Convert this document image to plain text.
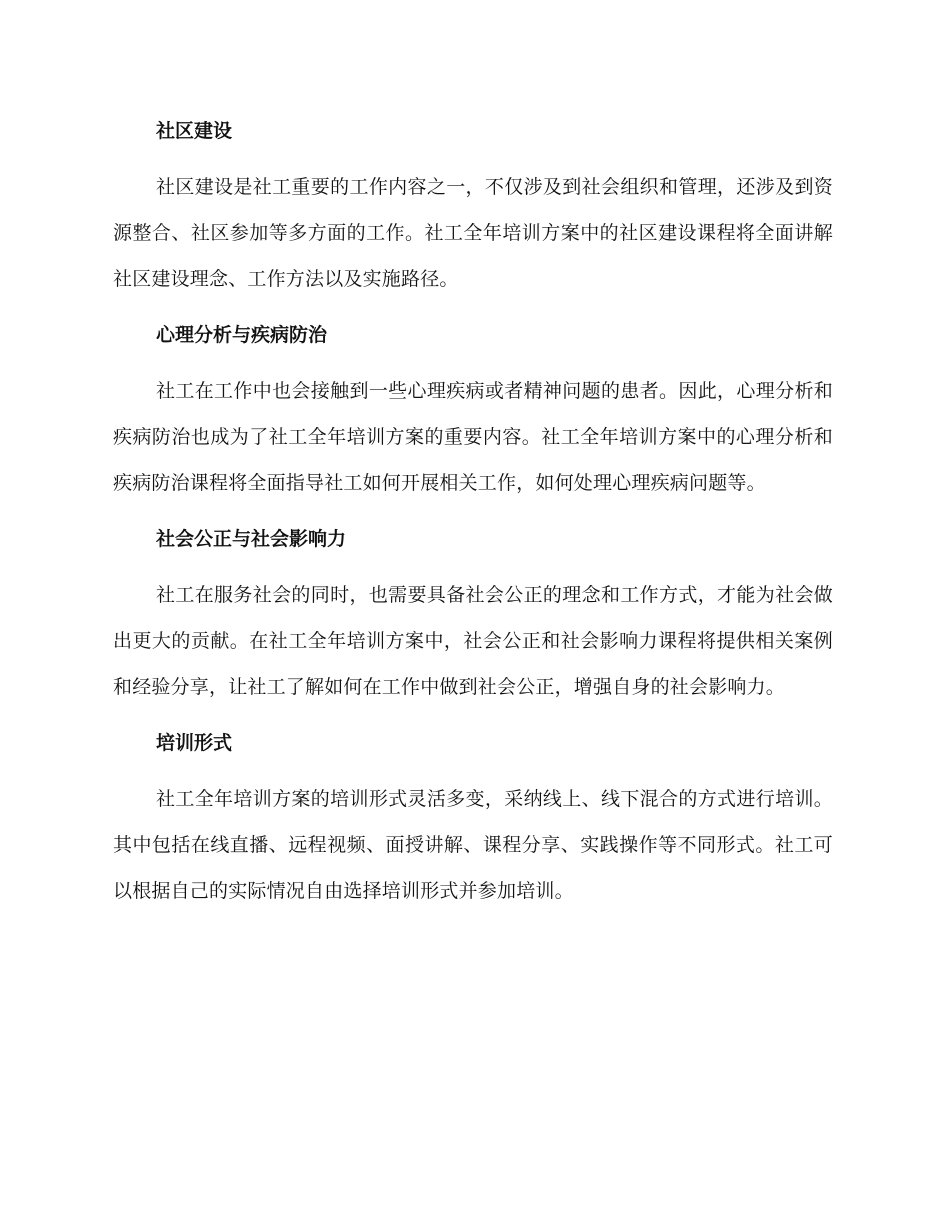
社区建设

社区建设是社工重要的工作内容之一，不仅涉及到社会组织和管理，还涉及到资源整合、社区参加等多方面的工作。社工全年培训方案中的社区建设课程将全面讲解社区建设理念、工作方法以及实施路径。

心理分析与疾病防治

社工在工作中也会接触到一些心理疾病或者精神问题的患者。因此，心理分析和疾病防治也成为了社工全年培训方案的重要内容。社工全年培训方案中的心理分析和疾病防治课程将全面指导社工如何开展相关工作，如何处理心理疾病问题等。

社会公正与社会影响力

社工在服务社会的同时，也需要具备社会公正的理念和工作方式，才能为社会做出更大的贡献。在社工全年培训方案中，社会公正和社会影响力课程将提供相关案例和经验分享，让社工了解如何在工作中做到社会公正，增强自身的社会影响力。

培训形式

社工全年培训方案的培训形式灵活多变，采纳线上、线下混合的方式进行培训。其中包括在线直播、远程视频、面授讲解、课程分享、实践操作等不同形式。社工可以根据自己的实际情况自由选择培训形式并参加培训。
